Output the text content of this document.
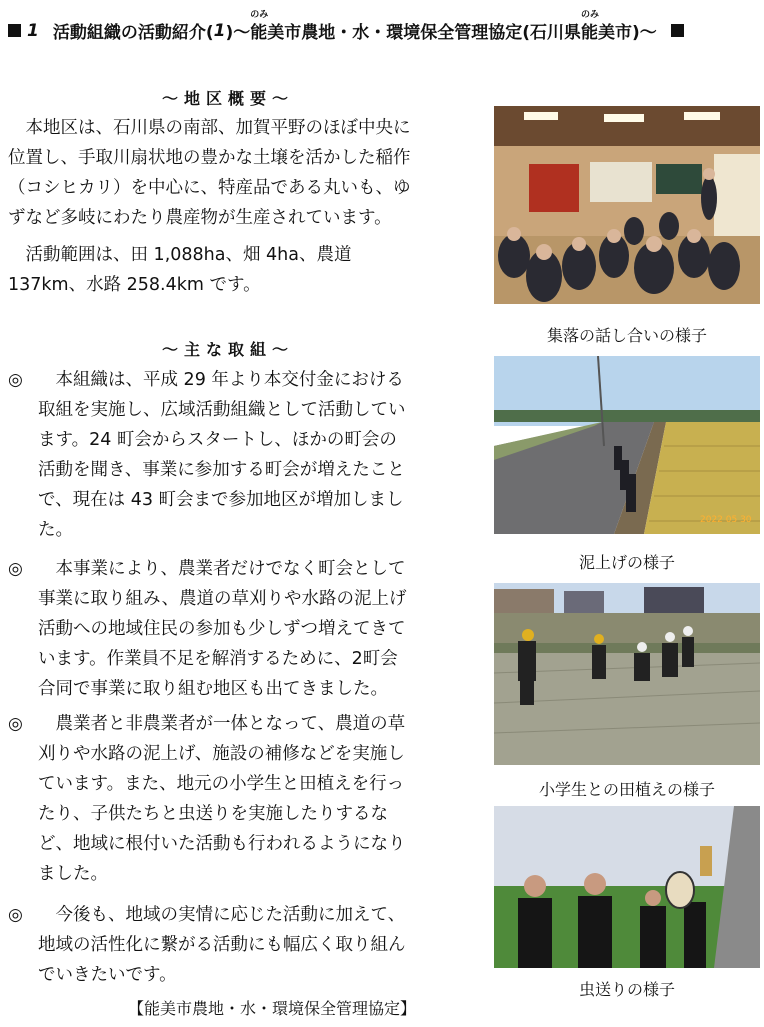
1 活動組織の活動紹介( 1 )～
のみ
能 美市農地・水・環境保全管理協定(石川県
のみ
能 美市)～
～地区概要～
　本地区は、石川県の南部、加賀平野のほぼ中央に
位置し、手取川扇状地の豊かな土壌を活かした稲作
（コシヒカリ）を中心に、特産品である丸いも、ゆ
ずなど多岐にわたり農産物が生産されています。
　活動範囲は、田 1,088ha、畑 4ha、農道
137km、水路 258.4km です。
～主な取組～
◎ 　本組織は、平成 29 年より本交付金における
取組を実施し、広域活動組織として活動してい
ます。24 町会からスタートし、ほかの町会の
活動を聞き、事業に参加する町会が増えたこと
で、現在は 43 町会まで参加地区が増加しまし
た。
◎ 　本事業により、農業者だけでなく町会として
事業に取り組み、農道の草刈りや水路の泥上げ
活動への地域住民の参加も少しずつ増えてきて
います。作業員不足を解消するために、2町会
合同で事業に取り組む地区も出てきました。
◎ 　農業者と非農業者が一体となって、農道の草
刈りや水路の泥上げ、施設の補修などを実施し
ています。また、地元の小学生と田植えを行っ
たり、子供たちと虫送りを実施したりするな
ど、地域に根付いた活動も行われるようになり
ました。
◎ 　今後も、地域の実情に応じた活動に加えて、
地域の活性化に繋がる活動にも幅広く取り組ん
でいきたいです。
【能美市農地・水・環境保全管理協定】
集落の話し合いの様子
2022 05 30
泥上げの様子
小学生との田植えの様子
虫送りの様子
